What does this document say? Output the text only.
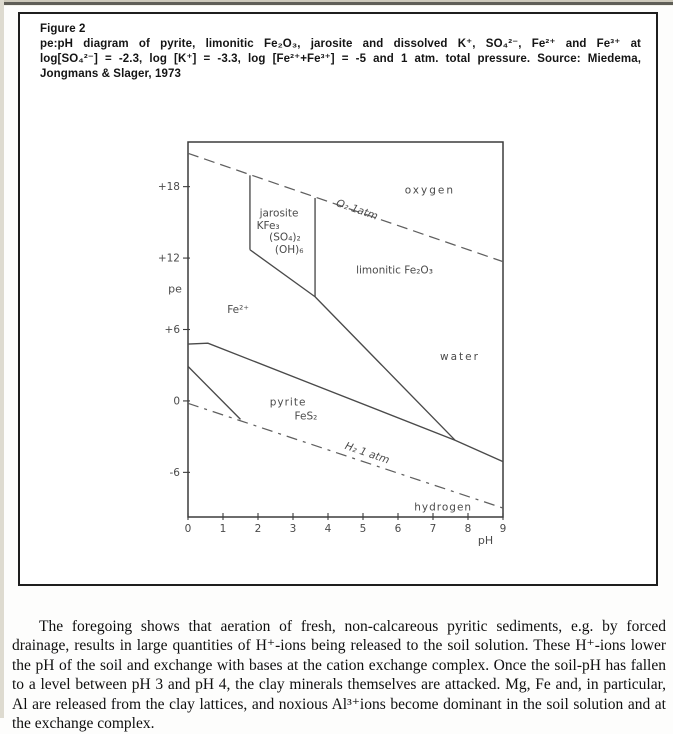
Figure 2
pe:pH diagram of pyrite, limonitic Fe₂O₃, jarosite and dissolved K⁺, SO₄²⁻, Fe²⁺ and Fe³⁺ at
log[SO₄²⁻] = -2.3, log [K⁺] = -3.3, log [Fe²⁺+Fe³⁺] = -5 and 1 atm. total pressure. Source: Miedema,
Jongmans & Slager, 1973
0	1	2	3	4	5	6	7	8	9
+18
+12
+6
0
-6
oxygen
O₂ 1atm
jarosite
KFe₃
(SO₄)₂
(OH)₆
limonitic Fe₂O₃
Fe²⁺
water
pyrite
FeS₂
H₂ 1 atm
hydrogen
pe
pH

The foregoing shows that aeration of fresh, non-calcareous pyritic sediments, e.g. by forced drainage, results in large quantities of H⁺-ions being released to the soil solution. These H⁺-ions lower the pH of the soil and exchange with bases at the cation exchange complex. Once the soil-pH has fallen to a level between pH 3 and pH 4, the clay minerals themselves are attacked. Mg, Fe and, in particular, Al are released from the clay lattices, and noxious Al³⁺ions become dominant in the soil solution and at the exchange complex.
